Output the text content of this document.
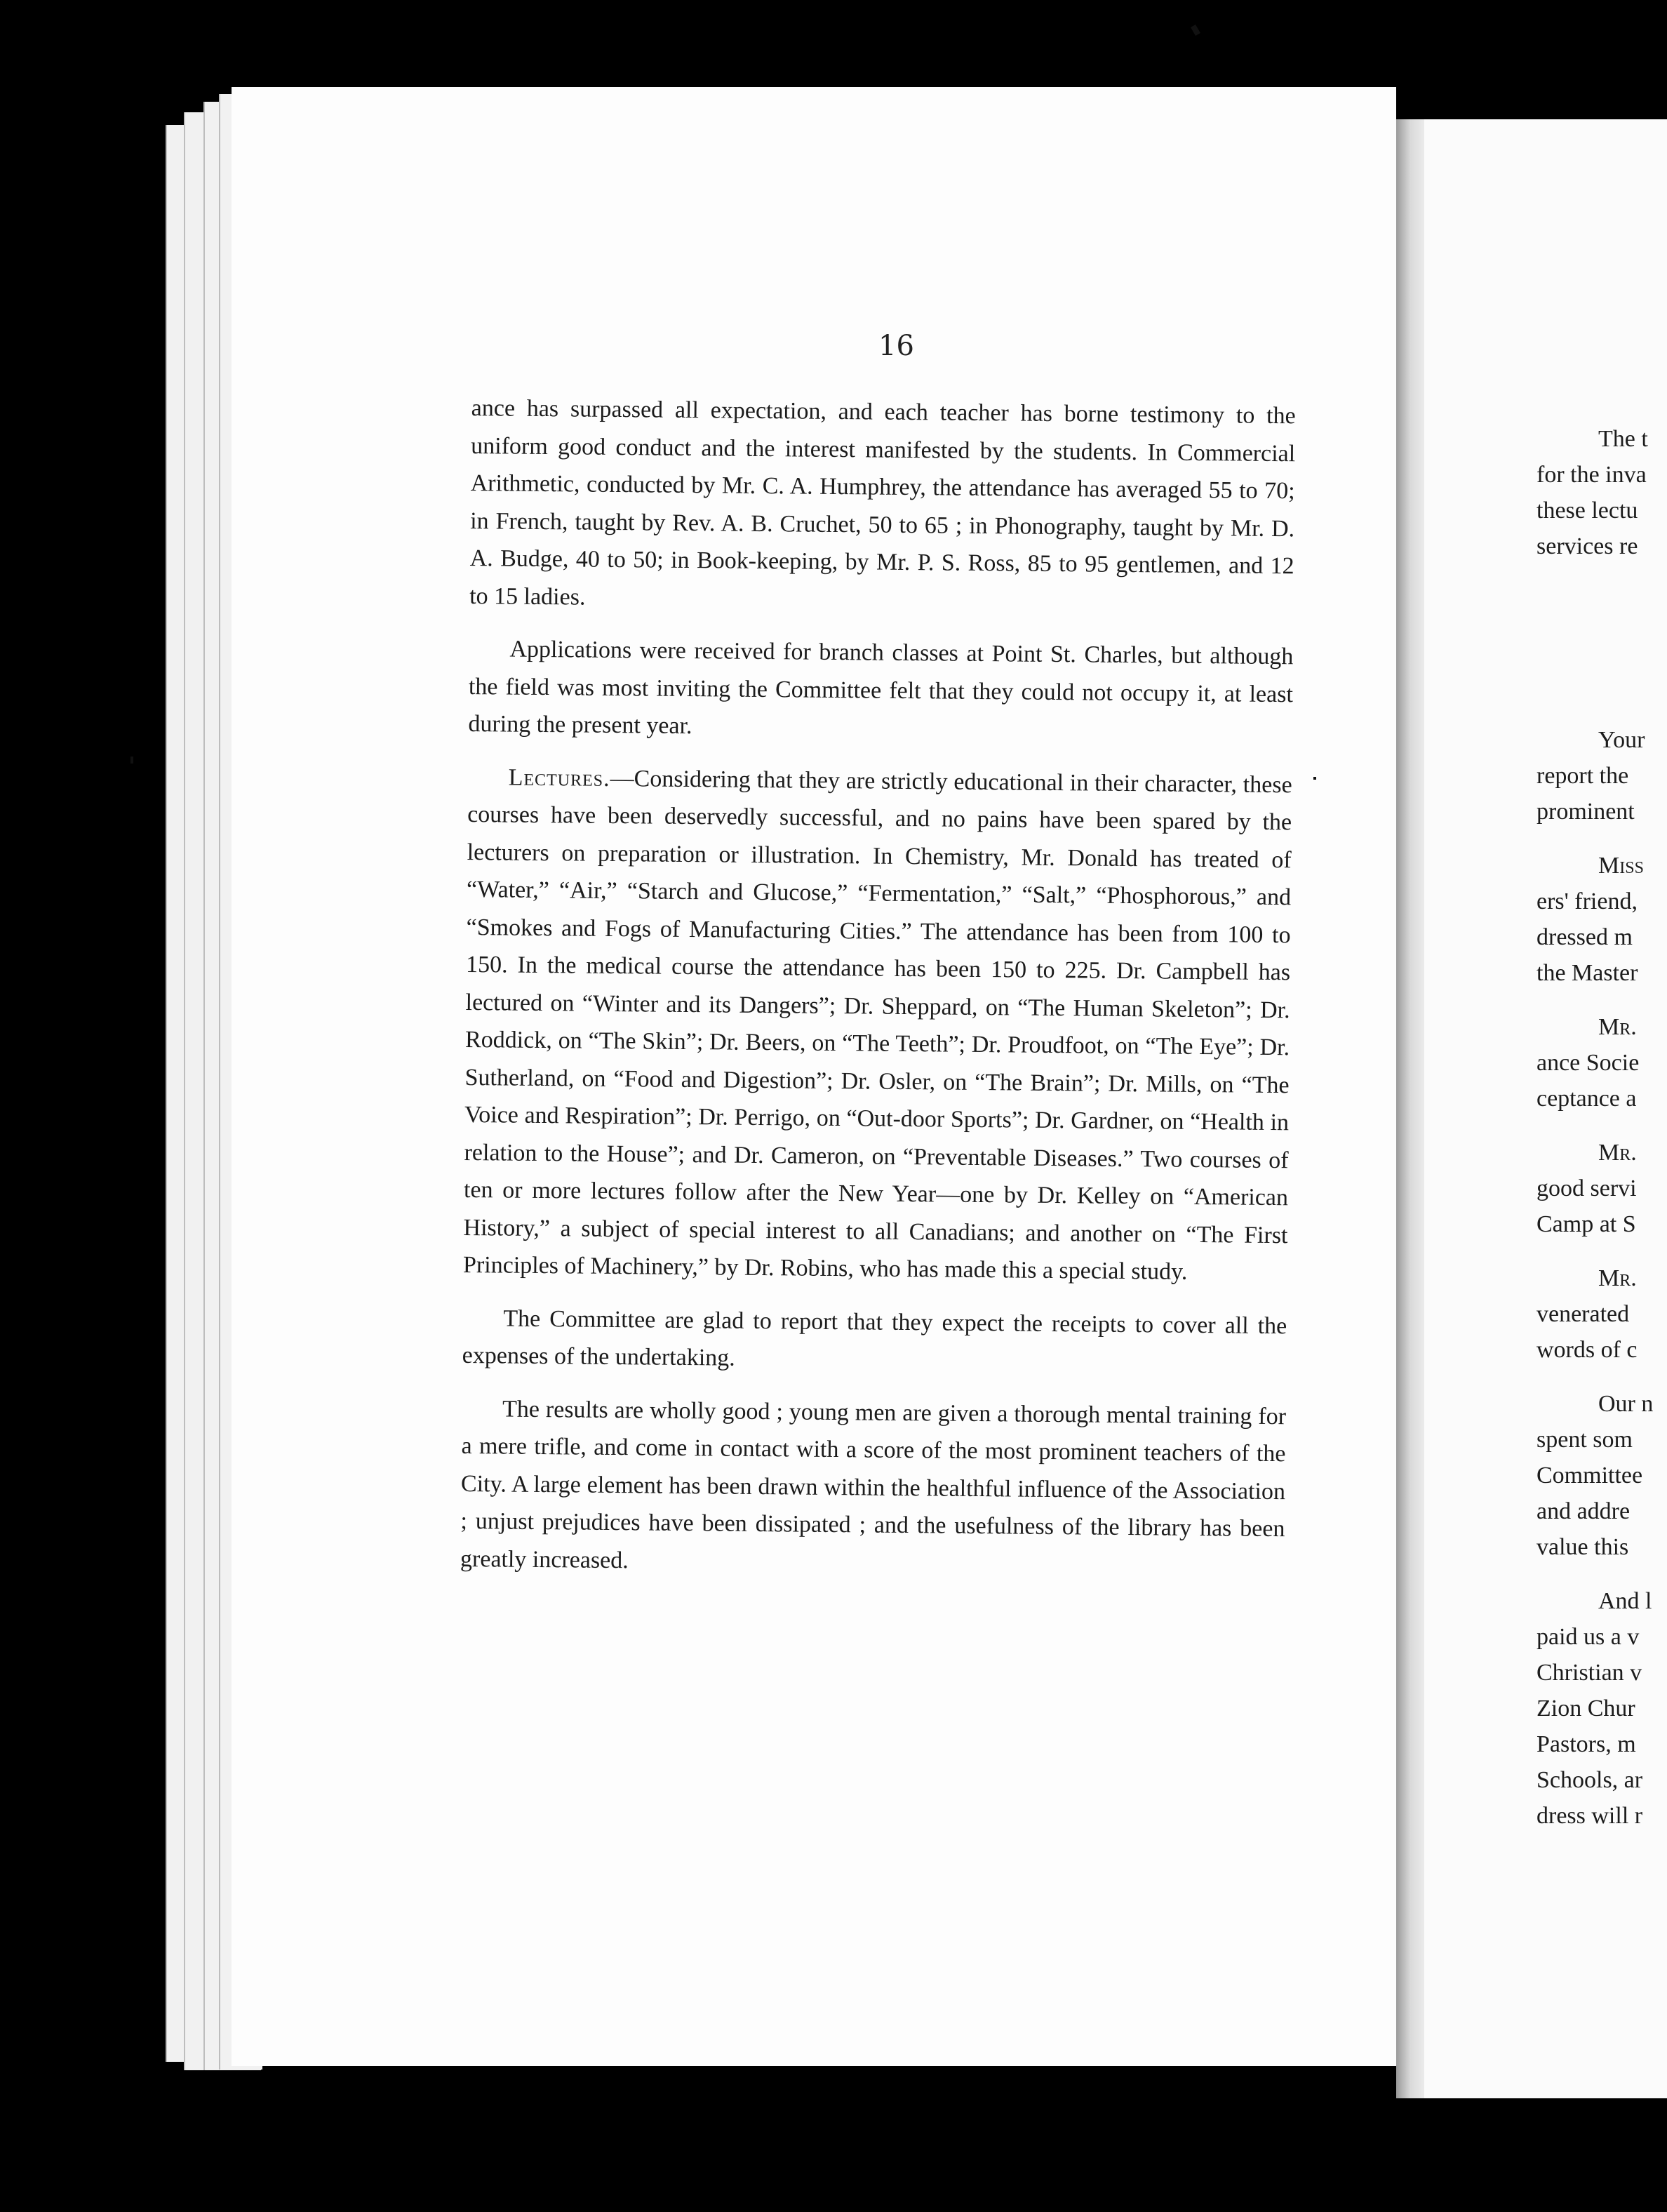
16

ance has surpassed all expectation, and each teacher has borne testimony to the uniform good conduct and the interest manifested by the students. In Commercial Arithmetic, conducted by Mr. C. A. Humphrey, the attendance has averaged 55 to 70; in French, taught by Rev. A. B. Cruchet, 50 to 65 ; in Phonography, taught by Mr. D. A. Budge, 40 to 50; in Book-keeping, by Mr. P. S. Ross, 85 to 95 gentlemen, and 12 to 15 ladies.

Applications were received for branch classes at Point St. Charles, but although the field was most inviting the Committee felt that they could not occupy it, at least during the present year.

Lectures.—Considering that they are strictly educational in their character, these courses have been deservedly successful, and no pains have been spared by the lecturers on preparation or illustration. In Chemistry, Mr. Donald has treated of “Water,” “Air,” “Starch and Glucose,” “Fermentation,” “Salt,” “Phosphorous,” and “Smokes and Fogs of Manufacturing Cities.” The attendance has been from 100 to 150. In the medical course the attendance has been 150 to 225. Dr. Campbell has lectured on “Winter and its Dangers”; Dr. Sheppard, on “The Human Skeleton”; Dr. Roddick, on “The Skin”; Dr. Beers, on “The Teeth”; Dr. Proudfoot, on “The Eye”; Dr. Sutherland, on “Food and Digestion”; Dr. Osler, on “The Brain”; Dr. Mills, on “The Voice and Respiration”; Dr. Perrigo, on “Out-door Sports”; Dr. Gardner, on “Health in relation to the House”; and Dr. Cameron, on “Preventable Diseases.” Two courses of ten or more lectures follow after the New Year—one by Dr. Kelley on “American History,” a subject of special interest to all Canadians; and another on “The First Principles of Machinery,” by Dr. Robins, who has made this a special study.

The Committee are glad to report that they expect the receipts to cover all the expenses of the undertaking.

The results are wholly good ; young men are given a thorough mental training for a mere trifle, and come in contact with a score of the most prominent teachers of the City. A large element has been drawn within the healthful influence of the Association ; unjust prejudices have been dissipated ; and the usefulness of the library has been greatly increased.

The t
for the inva
these lectu
services re
Your
report the
prominent
Miss
ers' friend,
dressed m
the Master
Mr.
ance Socie
ceptance a
Mr.
good servi
Camp at S
Mr.
venerated
words of c
Our n
spent som
Committee
and addre
value this
And l
paid us a v
Christian v
Zion Chur
Pastors, m
Schools, ar
dress will r
